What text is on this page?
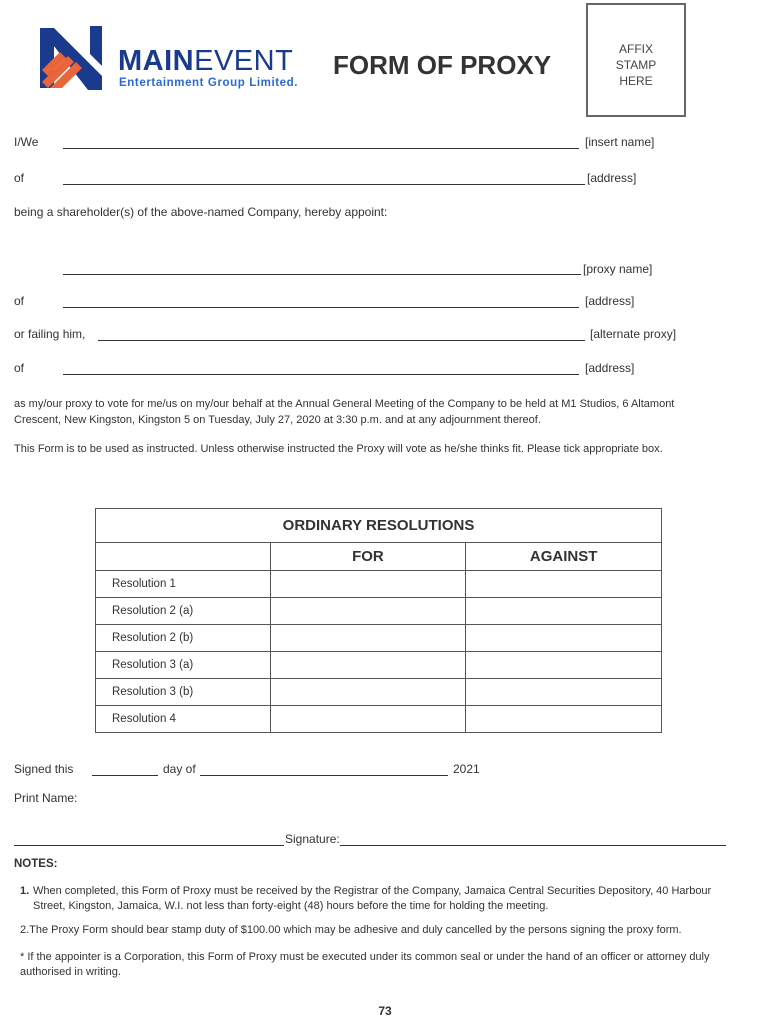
MAINEVENT
Entertainment Group Limited.
FORM OF PROXY
AFFIX
STAMP
HERE
I/We	[insert name]
of	[address]
being a shareholder(s) of the above-named Company, hereby appoint:
[proxy name]
of	[address]
or failing him,	[alternate proxy]
of	[address]
as my/our proxy to vote for me/us on my/our behalf at the Annual General Meeting of the Company to be held at M1 Studios, 6 Altamont Crescent, New Kingston, Kingston 5 on Tuesday, July 27, 2020 at 3:30 p.m. and at any adjournment thereof.
This Form is to be used as instructed. Unless otherwise instructed the Proxy will vote as he/she thinks fit. Please tick appropriate box.
ORDINARY RESOLUTIONS		
	FOR	AGAINST
Resolution 1		
Resolution 2 (a)		
Resolution 2 (b)		
Resolution 3 (a)		
Resolution 3 (b)		
Resolution 4		
Signed this	day of	2021
Print Name:
Signature:
NOTES:
1. When completed, this Form of Proxy must be received by the Registrar of the Company, Jamaica Central Securities Depository, 40 Harbour Street, Kingston, Jamaica, W.I. not less than forty-eight (48) hours before the time for holding the meeting.
2.The Proxy Form should bear stamp duty of $100.00 which may be adhesive and duly cancelled by the persons signing the proxy form.
* If the appointer is a Corporation, this Form of Proxy must be executed under its common seal or under the hand of an officer or attorney duly authorised in writing.
73
